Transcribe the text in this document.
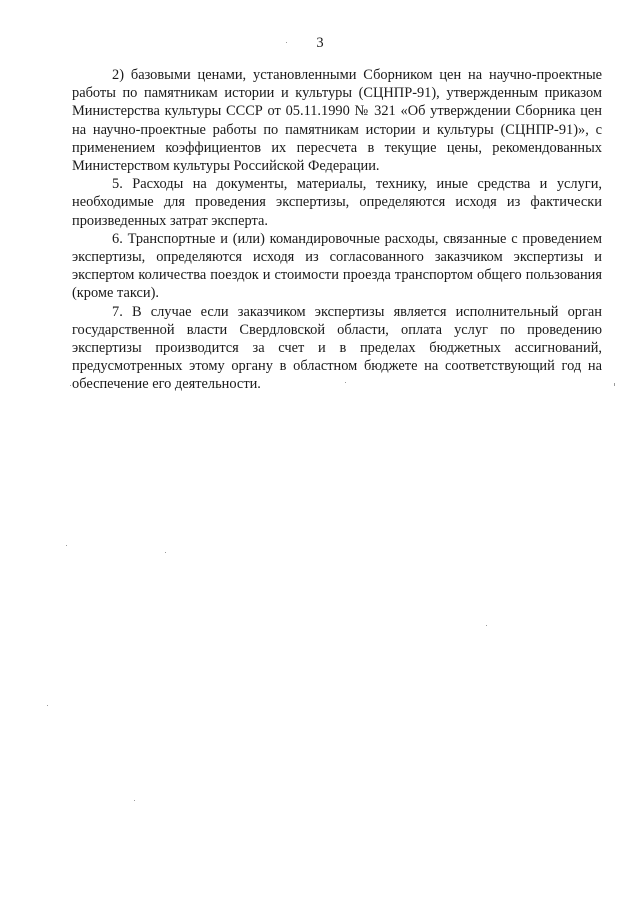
3

2) базовыми ценами, установленными Сборником цен на научно-проектные работы по памятникам истории и культуры (СЦНПР-91), утвержденным приказом Министерства культуры СССР от 05.11.1990 № 321 «Об утверждении Сборника цен на научно-проектные работы по памятникам истории и культуры (СЦНПР-91)», с применением коэффициентов их пересчета в текущие цены, рекомендованных Министерством культуры Российской Федерации.

5. Расходы на документы, материалы, технику, иные средства и услуги, необходимые для проведения экспертизы, определяются исходя из фактически произведенных затрат эксперта.

6. Транспортные и (или) командировочные расходы, связанные с проведением экспертизы, определяются исходя из согласованного заказчиком экспертизы и экспертом количества поездок и стоимости проезда транспортом общего пользования (кроме такси).

7. В случае если заказчиком экспертизы является исполнительный орган государственной власти Свердловской области, оплата услуг по проведению экспертизы производится за счет и в пределах бюджетных ассигнований, предусмотренных этому органу в областном бюджете на соответствующий год на обеспечение его деятельности.
